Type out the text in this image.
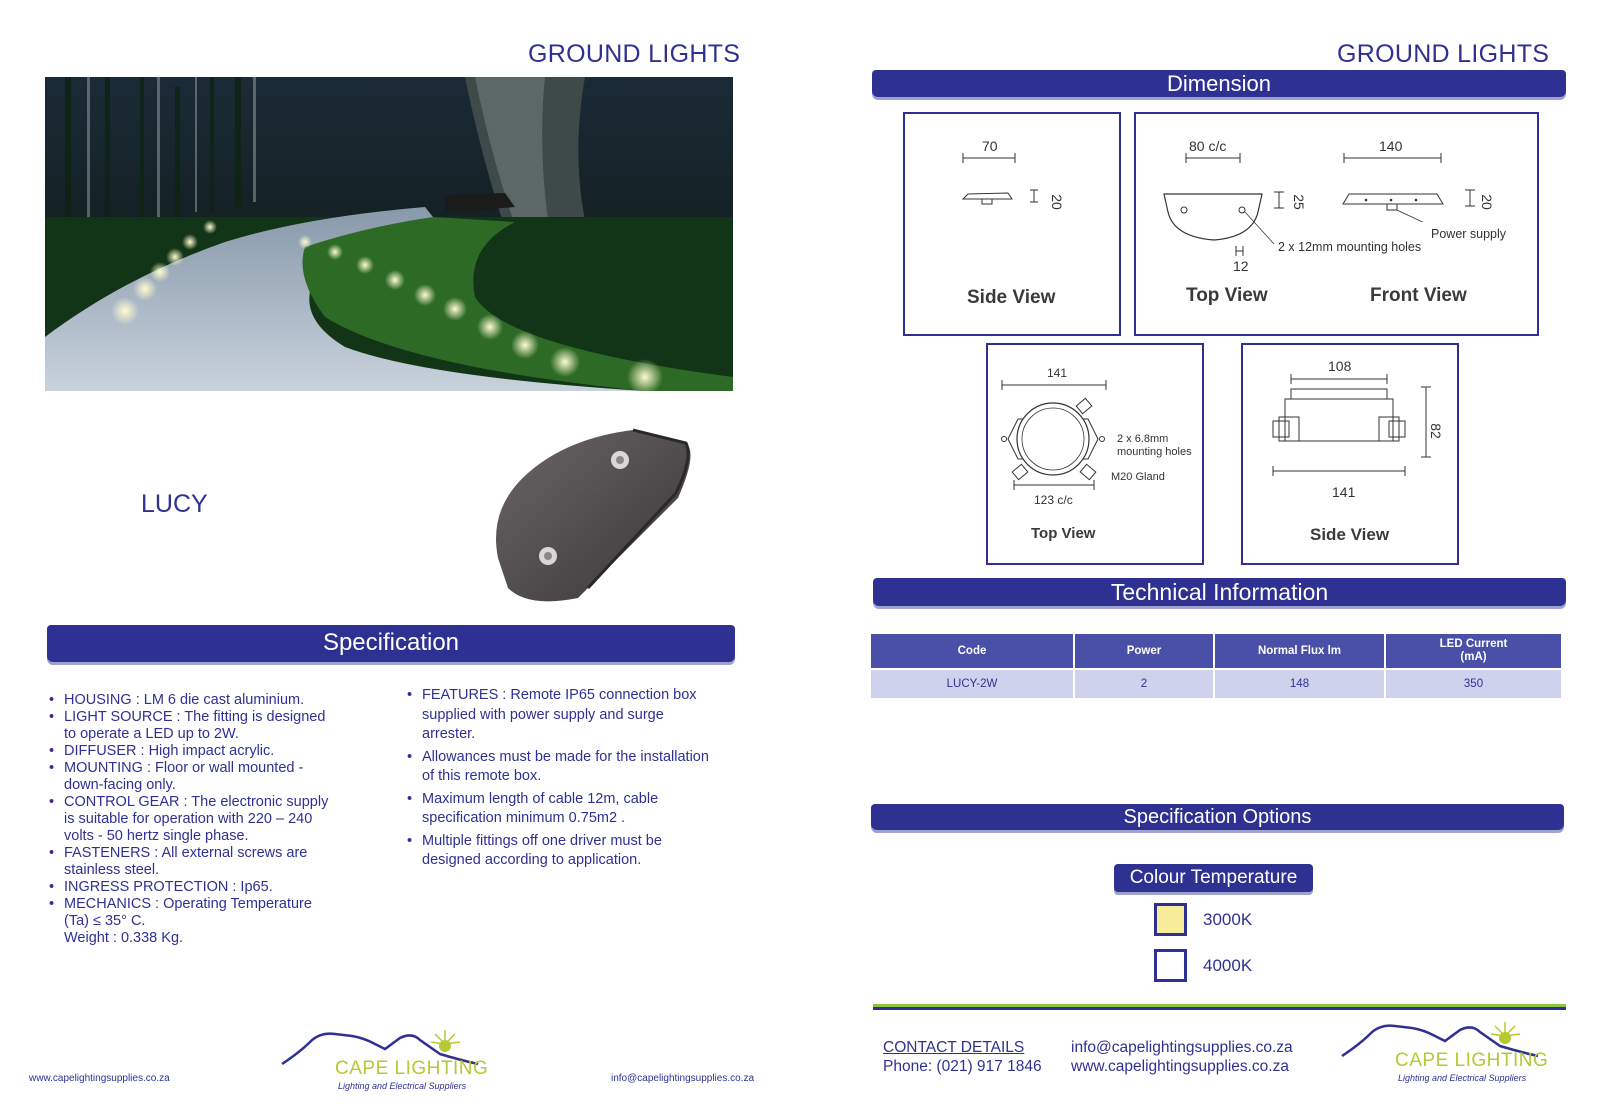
GROUND LIGHTS
LUCY
Specification
• HOUSING : LM 6 die cast aluminium.
• LIGHT SOURCE : The fitting is designed
to operate a LED up to 2W.
• DIFFUSER : High impact acrylic.
• MOUNTING : Floor or wall mounted -
down-facing only.
• CONTROL GEAR : The electronic supply
is suitable for operation with 220 – 240
volts - 50 hertz single phase.
• FASTENERS : All external screws are
stainless steel.
• INGRESS PROTECTION : Ip65.
• MECHANICS : Operating Temperature
(Ta) ≤ 35° C.
Weight : 0.338 Kg.
• FEATURES : Remote IP65 connection box
supplied with power supply and surge
arrester.
• Allowances must be made for the installation
of this remote box.
• Maximum length of cable 12m, cable
specification minimum 0.75m2 .
• Multiple fittings off one driver must be
designed according to application.
www.capelightingsupplies.co.za	info@capelightingsupplies.co.za
CAPE LIGHTING
Lighting and Electrical Suppliers
GROUND LIGHTS
Dimension
70
20
Side View
80 c/c
25
12
2 x 12mm mounting holes
140
20
Power supply
Top View	Front View
141
2 x 6.8mm
mounting holes
M20 Gland
123 c/c
Top View
108
82
141
Side View
Technical Information
Code	Power	Normal Flux lm	LED Current
(mA)
LUCY-2W	2	148	350
Specification Options
Colour Temperature
3000K
4000K
CONTACT DETAILS
Phone: (021) 917 1846
info@capelightingsupplies.co.za
www.capelightingsupplies.co.za	CAPE LIGHTING
Lighting and Electrical Suppliers
